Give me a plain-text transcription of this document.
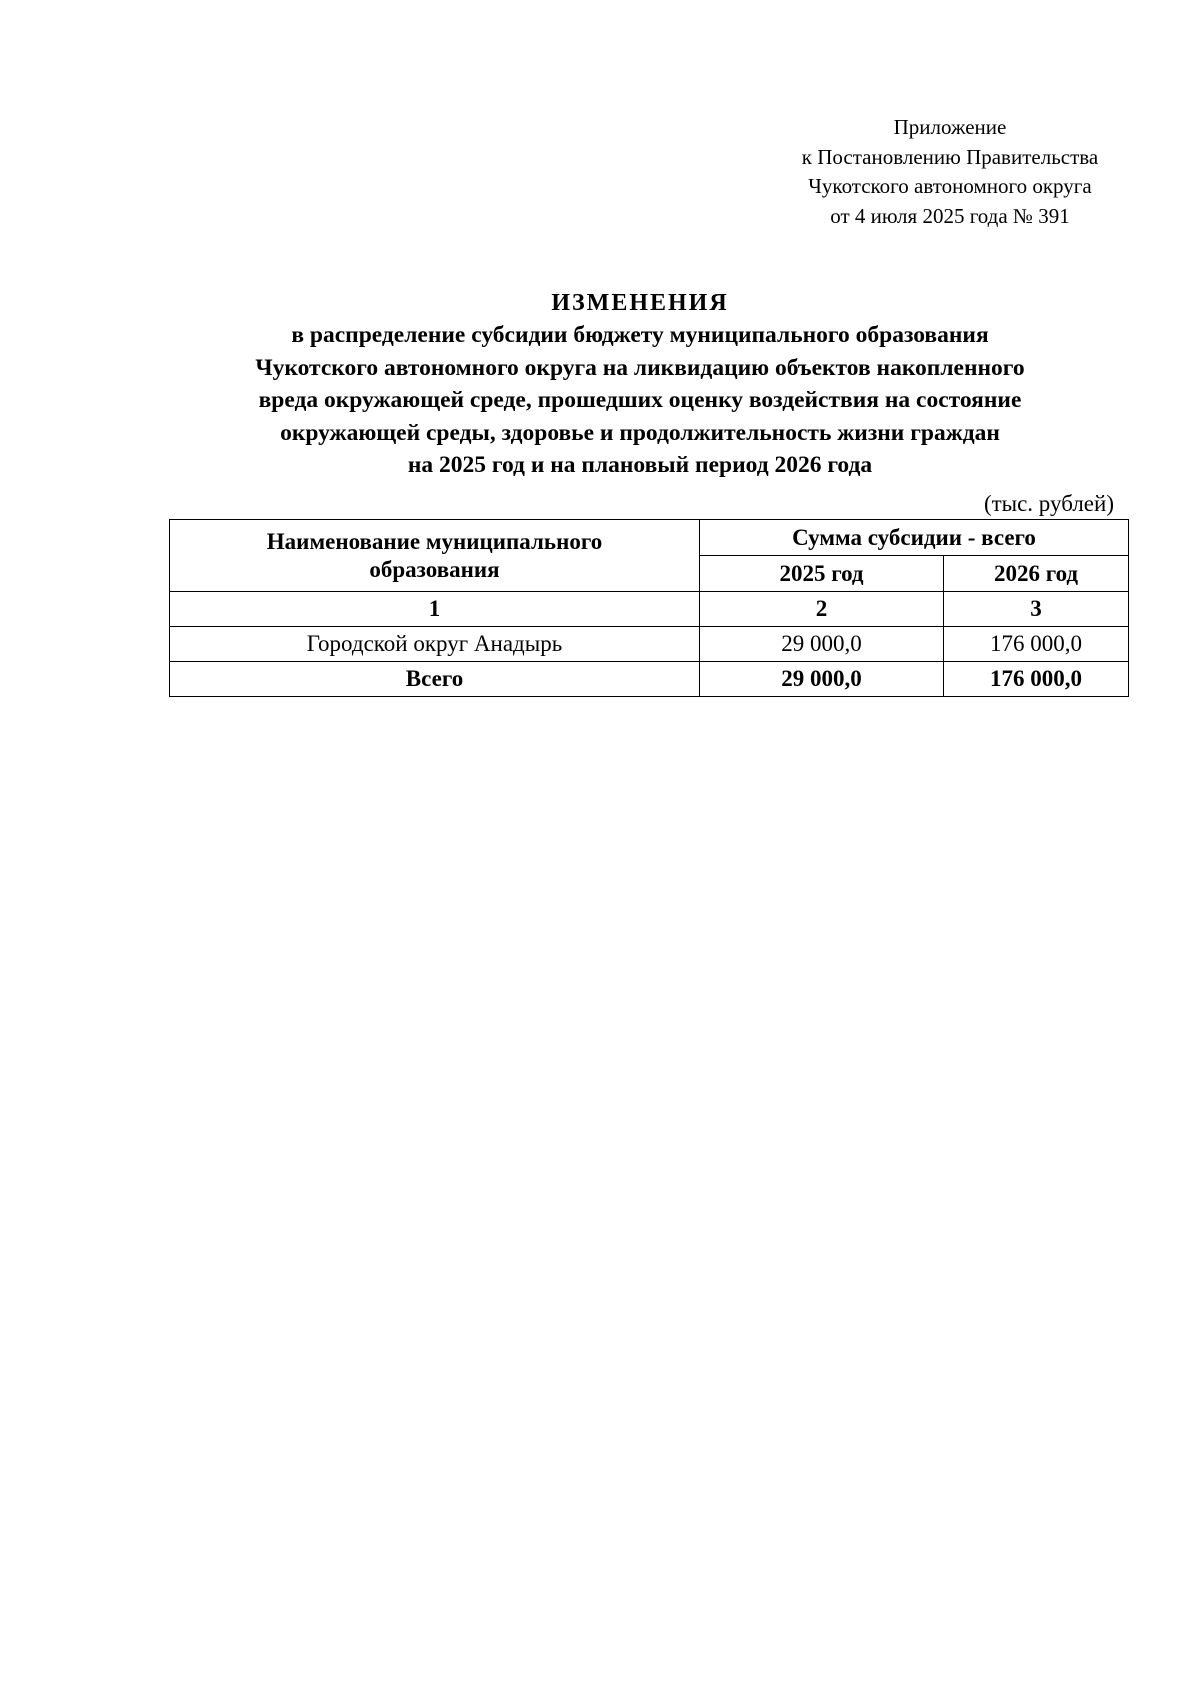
Приложение
к Постановлению Правительства
Чукотского автономного округа
от 4 июля 2025 года № 391
ИЗМЕНЕНИЯ
в распределение субсидии бюджету муниципального образования
Чукотского автономного округа на ликвидацию объектов накопленного
вреда окружающей среде, прошедших оценку воздействия на состояние
окружающей среды, здоровье и продолжительность жизни граждан
на 2025 год и на плановый период 2026 года
(тыс. рублей)
Наименование муниципального
образования	Сумма субсидии - всего	
	2025 год	2026 год
1	2	3
Городской округ Анадырь	29 000,0	176 000,0
Всего	29 000,0	176 000,0
